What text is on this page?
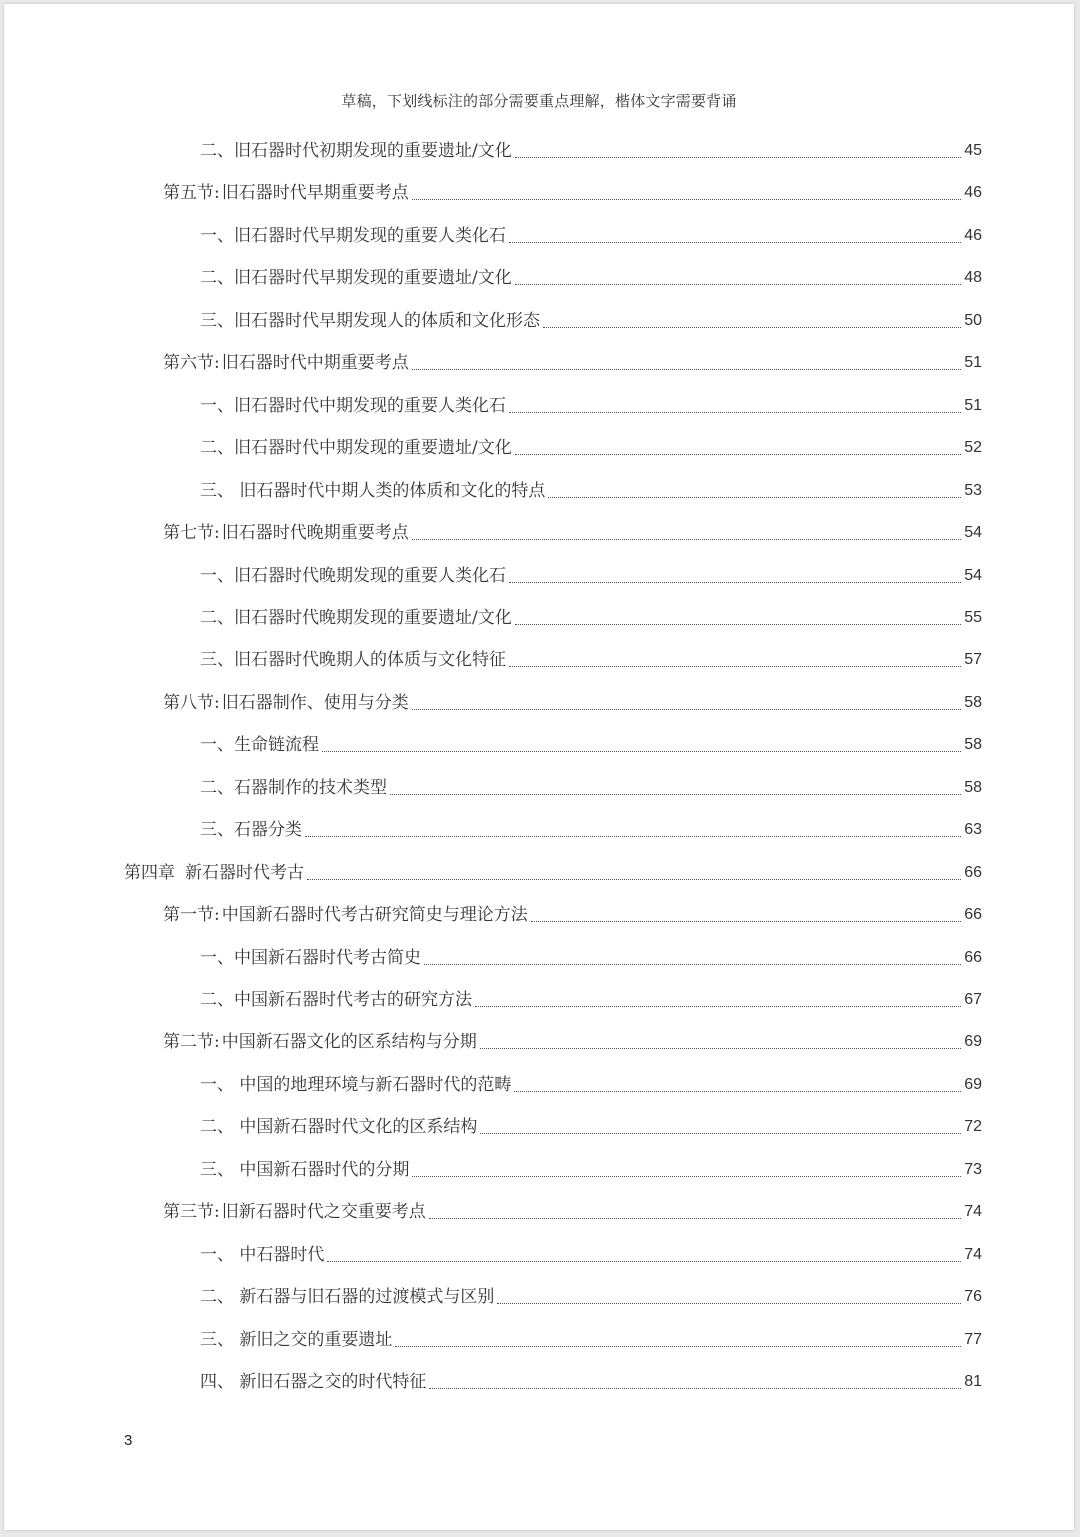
草稿，下划线标注的部分需要重点理解，楷体文字需要背诵
二、旧石器时代初期发现的重要遗址/文化	45
第五节: 旧石器时代早期重要考点	46
一、旧石器时代早期发现的重要人类化石	46
二、旧石器时代早期发现的重要遗址/文化	48
三、旧石器时代早期发现人的体质和文化形态	50
第六节: 旧石器时代中期重要考点	51
一、旧石器时代中期发现的重要人类化石	51
二、旧石器时代中期发现的重要遗址/文化	52
三、 旧石器时代中期人类的体质和文化的特点	53
第七节: 旧石器时代晚期重要考点	54
一、旧石器时代晚期发现的重要人类化石	54
二、旧石器时代晚期发现的重要遗址/文化	55
三、旧石器时代晚期人的体质与文化特征	57
第八节: 旧石器制作、使用与分类	58
一、生命链流程	58
二、石器制作的技术类型	58
三、石器分类	63
第四章 新石器时代考古	66
第一节: 中国新石器时代考古研究简史与理论方法	66
一、中国新石器时代考古简史	66
二、中国新石器时代考古的研究方法	67
第二节: 中国新石器文化的区系结构与分期	69
一、 中国的地理环境与新石器时代的范畴	69
二、 中国新石器时代文化的区系结构	72
三、 中国新石器时代的分期	73
第三节: 旧新石器时代之交重要考点	74
一、 中石器时代	74
二、 新石器与旧石器的过渡模式与区别	76
三、 新旧之交的重要遗址	77
四、 新旧石器之交的时代特征	81
3
